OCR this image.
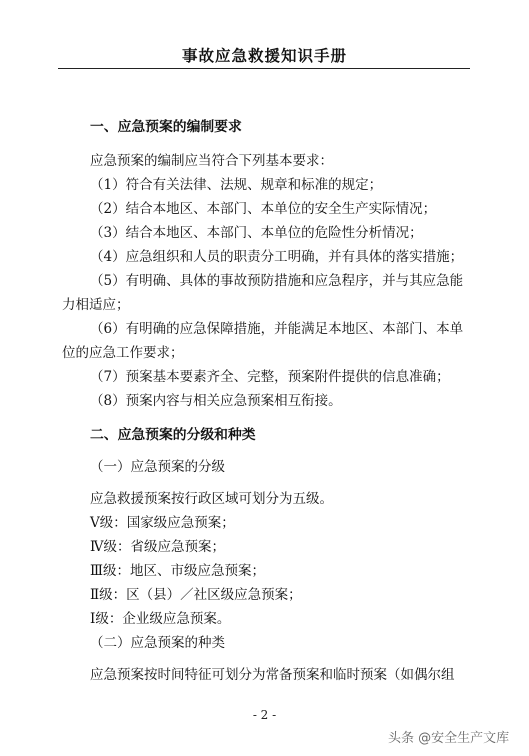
事故应急救援知识手册
一、应急预案的编制要求
应急预案的编制应当符合下列基本要求：
（1）符合有关法律、法规、规章和标准的规定；
（2）结合本地区、本部门、本单位的安全生产实际情况；
（3）结合本地区、本部门、本单位的危险性分析情况；
（4）应急组织和人员的职责分工明确，并有具体的落实措施；
（5）有明确、具体的事故预防措施和应急程序，并与其应急能
力相适应；
（6）有明确的应急保障措施，并能满足本地区、本部门、本单
位的应急工作要求；
（7）预案基本要素齐全、完整，预案附件提供的信息准确；
（8）预案内容与相关应急预案相互衔接。
二、应急预案的分级和种类
（一）应急预案的分级
应急救援预案按行政区域可划分为五级。
Ⅴ级：国家级应急预案；
Ⅳ级：省级应急预案；
Ⅲ级：地区、市级应急预案；
Ⅱ级：区（县）／社区级应急预案；
Ⅰ级：企业级应急预案。
（二）应急预案的种类
应急预案按时间特征可划分为常备预案和临时预案（如偶尔组
- 2 -
头条 @安全生产文库
